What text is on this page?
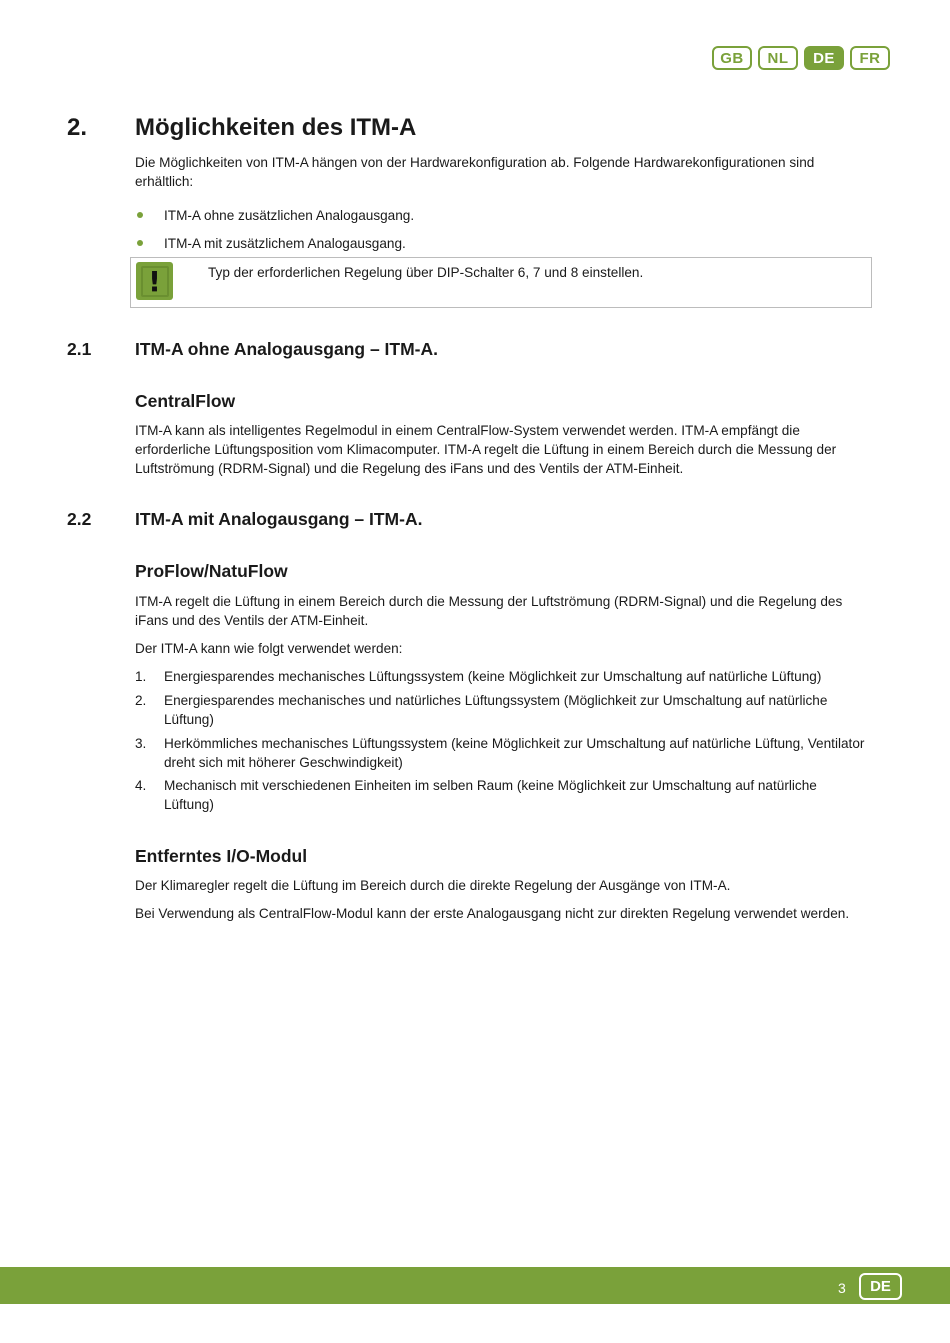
GB	NL	DE	FR
2. Möglichkeiten des ITM-A
Die Möglichkeiten von ITM-A hängen von der Hardwarekonfiguration ab. Folgende Hardwarekonfigurationen sind erhältlich:
ITM-A ohne zusätzlichen Analogausgang.
ITM-A mit zusätzlichem Analogausgang.
!	Typ der erforderlichen Regelung über DIP-Schalter 6, 7 und 8 einstellen.
2.1 ITM-A ohne Analogausgang – ITM-A.
CentralFlow
ITM-A kann als intelligentes Regelmodul in einem CentralFlow-System verwendet werden. ITM-A empfängt die erforderliche Lüftungsposition vom Klimacomputer. ITM-A regelt die Lüftung in einem Bereich durch die Messung der Luftströmung (RDRM-Signal) und die Regelung des iFans und des Ventils der ATM-Einheit.
2.2 ITM-A mit Analogausgang – ITM-A.
ProFlow/NatuFlow
ITM-A regelt die Lüftung in einem Bereich durch die Messung der Luftströmung (RDRM-Signal) und die Regelung des iFans und des Ventils der ATM-Einheit.
Der ITM-A kann wie folgt verwendet werden:
1. Energiesparendes mechanisches Lüftungssystem (keine Möglichkeit zur Umschaltung auf natürliche Lüftung)
2. Energiesparendes mechanisches und natürliches Lüftungssystem (Möglichkeit zur Umschaltung auf natürliche Lüftung)
3. Herkömmliches mechanisches Lüftungssystem (keine Möglichkeit zur Umschaltung auf natürliche Lüftung, Ventilator dreht sich mit höherer Geschwindigkeit)
4. Mechanisch mit verschiedenen Einheiten im selben Raum (keine Möglichkeit zur Umschaltung auf natürliche Lüftung)
Entferntes I/O-Modul
Der Klimaregler regelt die Lüftung im Bereich durch die direkte Regelung der Ausgänge von ITM-A.
Bei Verwendung als CentralFlow-Modul kann der erste Analogausgang nicht zur direkten Regelung verwendet werden.
3	DE
